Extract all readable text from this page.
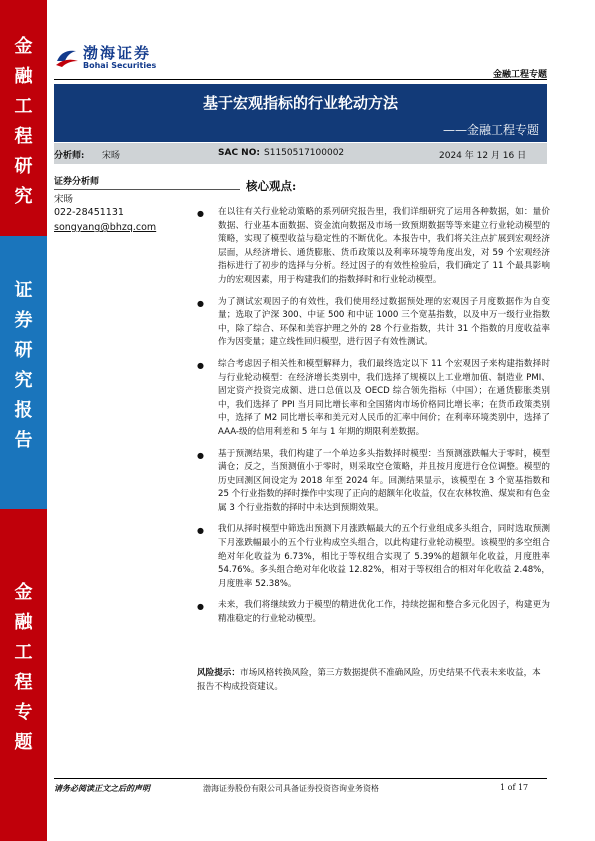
金
融
工
程
研
究
证
券
研
究
报
告
金
融
工
程
专
题
渤海证券
Bohai Securities
金融工程专题
基于宏观指标的行业轮动方法
——金融工程专题
分析师: 宋旸	SAC NO: S1150517100002	2024 年 12 月 16 日
证券分析师
宋旸
022-28451131
songyang@bhzq.com
核心观点:
● 在以往有关行业轮动策略的系列研究报告里，我们详细研究了运用各种数据，如：量价数据、行业基本面数据、资金流向数据及市场一致预期数据等等来建立行业轮动模型的策略，实现了模型收益与稳定性的不断优化。本报告中，我们将关注点扩展到宏观经济层面，从经济增长、通货膨胀、货币政策以及利率环境等角度出发，对 59 个宏观经济指标进行了初步的选择与分析。经过因子的有效性检验后，我们确定了 11 个最具影响力的宏观因素，用于构建我们的指数择时和行业轮动模型。
● 为了测试宏观因子的有效性，我们使用经过数据预处理的宏观因子月度数据作为自变量；选取了沪深 300、中证 500 和中证 1000 三个宽基指数，以及申万一级行业指数中，除了综合、环保和美容护理之外的 28 个行业指数，共计 31 个指数的月度收益率作为因变量；建立线性回归模型，进行因子有效性测试。
● 综合考虑因子相关性和模型解释力，我们最终选定以下 11 个宏观因子来构建指数择时与行业轮动模型：在经济增长类别中，我们选择了规模以上工业增加值、制造业 PMI、固定资产投资完成额、进口总值以及 OECD 综合领先指标（中国）；在通货膨胀类别中，我们选择了 PPI 当月同比增长率和全国猪肉市场价格同比增长率；在货币政策类别中，选择了 M2 同比增长率和美元对人民币的汇率中间价；在利率环境类别中，选择了 AAA-级的信用利差和 5 年与 1 年期的期限利差数据。
● 基于预测结果，我们构建了一个单边多头指数择时模型：当预测涨跌幅大于零时，模型满仓；反之，当预测值小于零时，则采取空仓策略，并且按月度进行仓位调整。模型的历史回测区间设定为 2018 年至 2024 年。回测结果显示，该模型在 3 个宽基指数和 25 个行业指数的择时操作中实现了正向的超额年化收益，仅在农林牧渔、煤炭和有色金属 3 个行业指数的择时中未达到预期效果。
● 我们从择时模型中筛选出预测下月涨跌幅最大的五个行业组成多头组合，同时选取预测下月涨跌幅最小的五个行业构成空头组合，以此构建行业轮动模型。该模型的多空组合绝对年化收益为 6.73%，相比于等权组合实现了 5.39%的超额年化收益，月度胜率 54.76%。多头组合绝对年化收益 12.82%，相对于等权组合的相对年化收益 2.48%，月度胜率 52.38%。
● 未来，我们将继续致力于模型的精进优化工作，持续挖掘和整合多元化因子，构建更为精准稳定的行业轮动模型。
风险提示：市场风格转换风险，第三方数据提供不准确风险，历史结果不代表未来收益，本报告不构成投资建议。
请务必阅读正文之后的声明	渤海证券股份有限公司具备证券投资咨询业务资格	1 of 17
